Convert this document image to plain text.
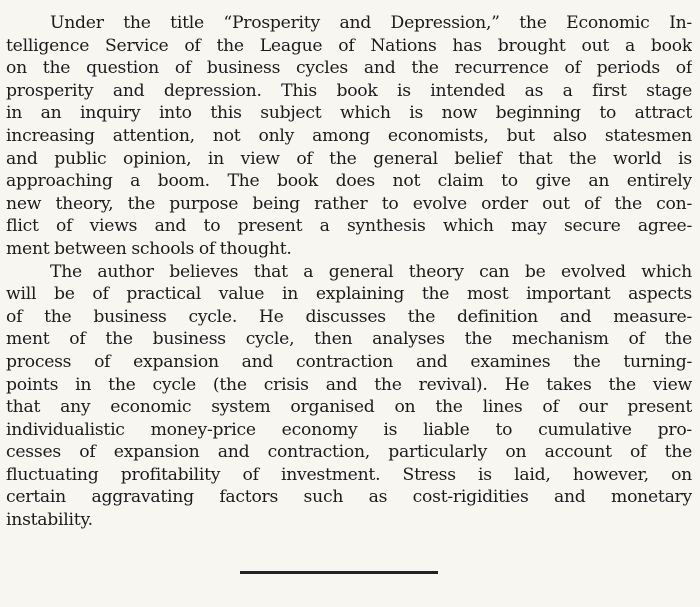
Under the title “Prosperity and Depression,” the Economic In-
telligence Service of the League of Nations has brought out a book
on the question of business cycles and the recurrence of periods of
prosperity and depression. This book is intended as a first stage
in an inquiry into this subject which is now beginning to attract
increasing attention, not only among economists, but also statesmen
and public opinion, in view of the general belief that the world is
approaching a boom. The book does not claim to give an entirely
new theory, the purpose being rather to evolve order out of the con-
flict of views and to present a synthesis which may secure agree-
ment between schools of thought.
The author believes that a general theory can be evolved which
will be of practical value in explaining the most important aspects
of the business cycle. He discusses the definition and measure-
ment of the business cycle, then analyses the mechanism of the
process of expansion and contraction and examines the turning-
points in the cycle (the crisis and the revival). He takes the view
that any economic system organised on the lines of our present
individualistic money-price economy is liable to cumulative pro-
cesses of expansion and contraction, particularly on account of the
fluctuating profitability of investment. Stress is laid, however, on
certain aggravating factors such as cost-rigidities and monetary
instability.
